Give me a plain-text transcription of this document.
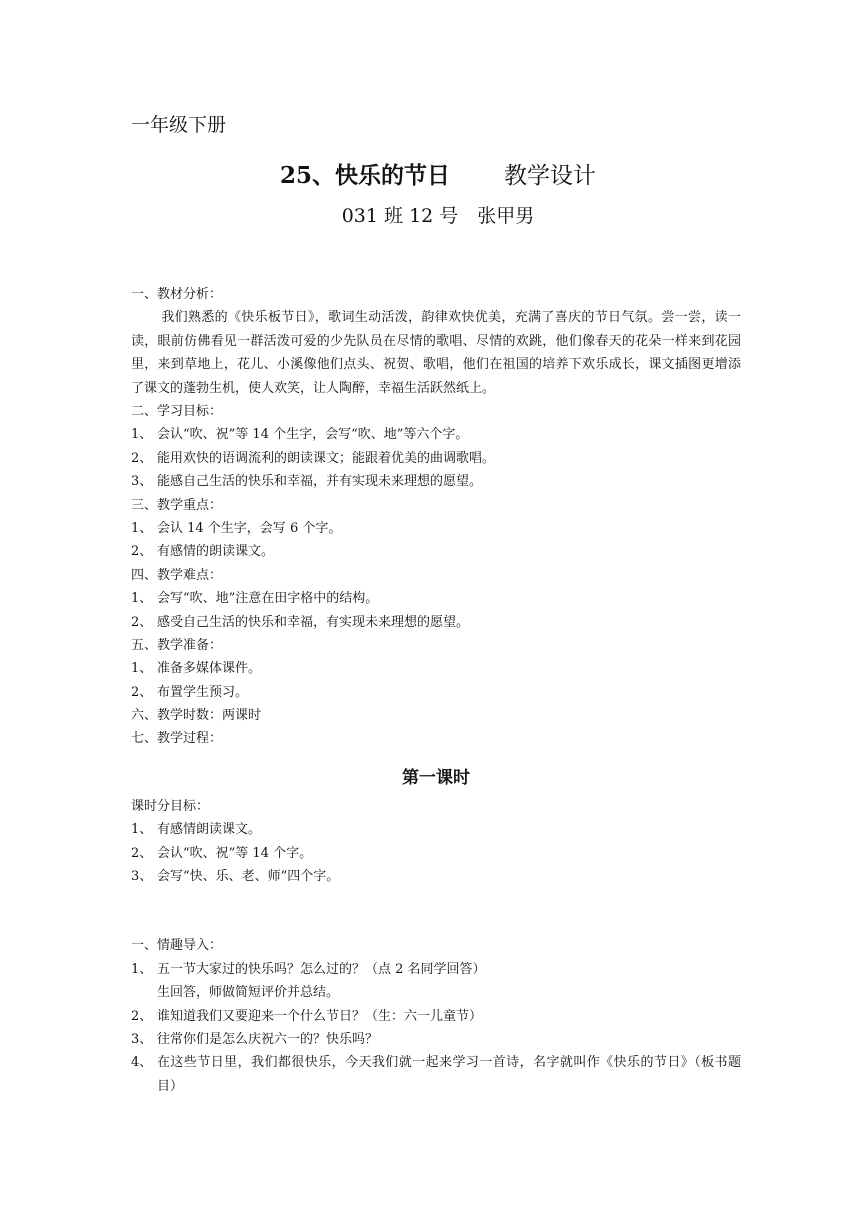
一年级下册
25、快乐的节日 教学设计
031 班 12 号　张甲男
一、教材分析：
我们熟悉的《快乐板节日》，歌词生动活泼，韵律欢快优美，充满了喜庆的节日气氛。尝一尝，读一读，眼前仿佛看见一群活泼可爱的少先队员在尽情的歌唱、尽情的欢跳，他们像春天的花朵一样来到花园里，来到草地上，花儿、小溪像他们点头、祝贺、歌唱，他们在祖国的培养下欢乐成长，课文插图更增添了课文的蓬勃生机，使人欢笑，让人陶醉，幸福生活跃然纸上。
二、学习目标：
1、 会认“吹、祝”等 14 个生字，会写“吹、地”等六个字。
2、 能用欢快的语调流利的朗读课文；能跟着优美的曲调歌唱。
3、 能感自己生活的快乐和幸福，并有实现未来理想的愿望。
三、教学重点：
1、 会认 14 个生字，会写 6 个字。
2、 有感情的朗读课文。
四、教学难点：
1、 会写“吹、地”注意在田字格中的结构。
2、 感受自己生活的快乐和幸福，有实现未来理想的愿望。
五、教学准备：
1、 准备多媒体课件。
2、 布置学生预习。
六、教学时数：两课时
七、教学过程：
第一课时
课时分目标：
1、 有感情朗读课文。
2、 会认“吹、祝”等 14 个字。
3、 会写“快、乐、老、师”四个字。
一、情趣导入：
1、 五一节大家过的快乐吗？怎么过的？（点 2 名同学回答）
生回答，师做简短评价并总结。
2、 谁知道我们又要迎来一个什么节日？（生：六一儿童节）
3、 往常你们是怎么庆祝六一的？快乐吗？
4、 在这些节日里，我们都很快乐，今天我们就一起来学习一首诗，名字就叫作《快乐的节日》（板书题目）
